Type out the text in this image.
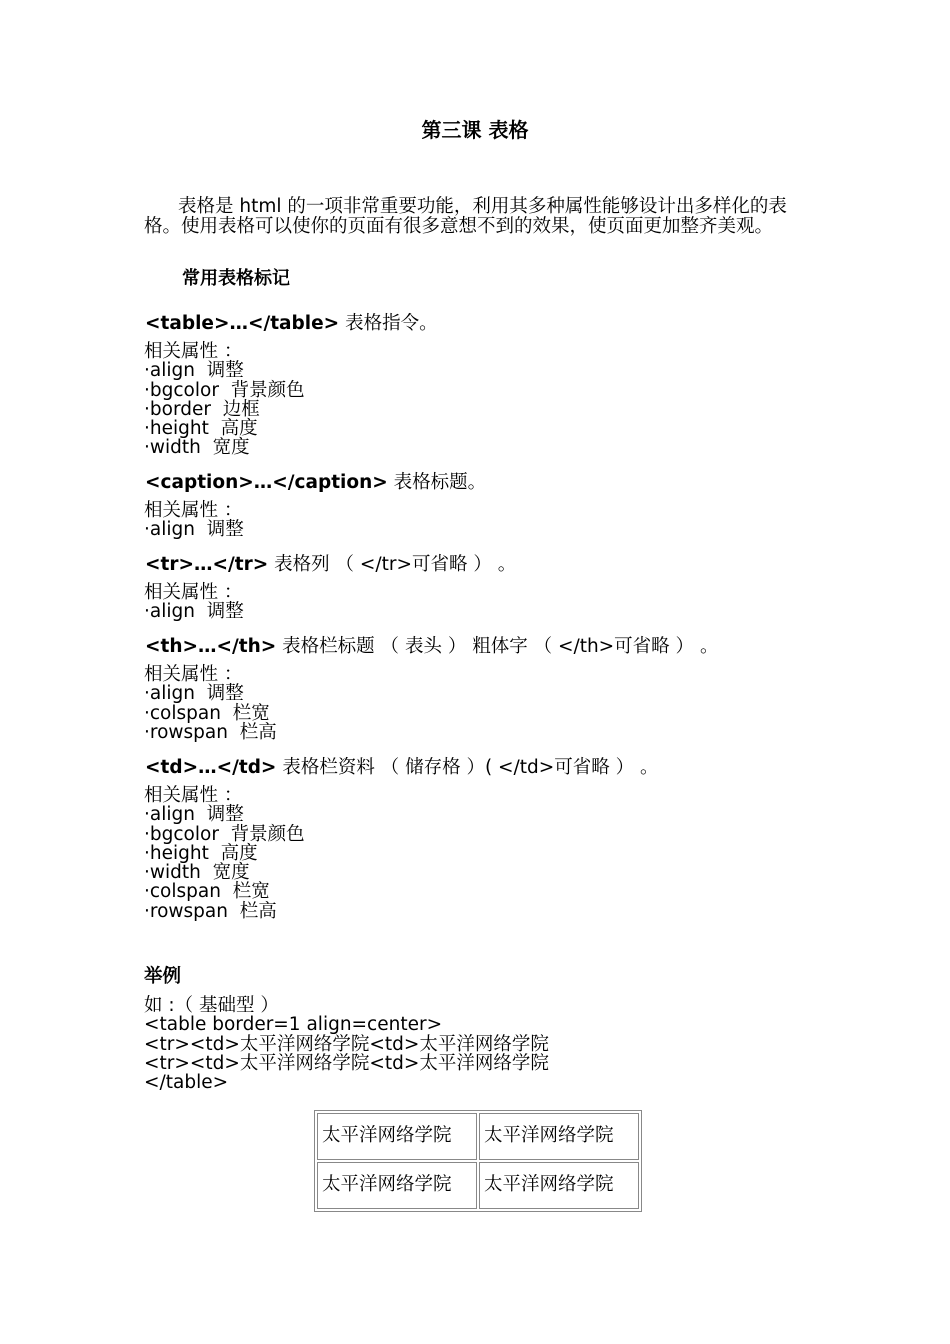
第三课 表格
表格是 html 的一项非常重要功能，利用其多种属性能够设计出多样化的表
格。使用表格可以使你的页面有很多意想不到的效果，使页面更加整齐美观。
常用表格标记
<table>…</table> 表格指令。
相关属性 ：
·align  调整
·bgcolor  背景颜色
·border  边框
·height  高度
·width  宽度
<caption>…</caption> 表格标题。
相关属性 ：
·align  调整
<tr>…</tr> 表格列 （ </tr>可省略 ） 。
相关属性 ：
·align  调整
<th>…</th> 表格栏标题 （ 表头 ） 粗体字 （ </th>可省略 ） 。
相关属性 ：
·align  调整
·colspan  栏宽
·rowspan  栏高
<td>…</td> 表格栏资料 （ 储存格 ）( </td>可省略 ） 。
相关属性 ：
·align  调整
·bgcolor  背景颜色
·height  高度
·width  宽度
·colspan  栏宽
·rowspan  栏高
举例
如 :（ 基础型 ）
<table border=1 align=center>
<tr><td>太平洋网络学院<td>太平洋网络学院
<tr><td>太平洋网络学院<td>太平洋网络学院
</table>
太平洋网络学院	太平洋网络学院
太平洋网络学院	太平洋网络学院
